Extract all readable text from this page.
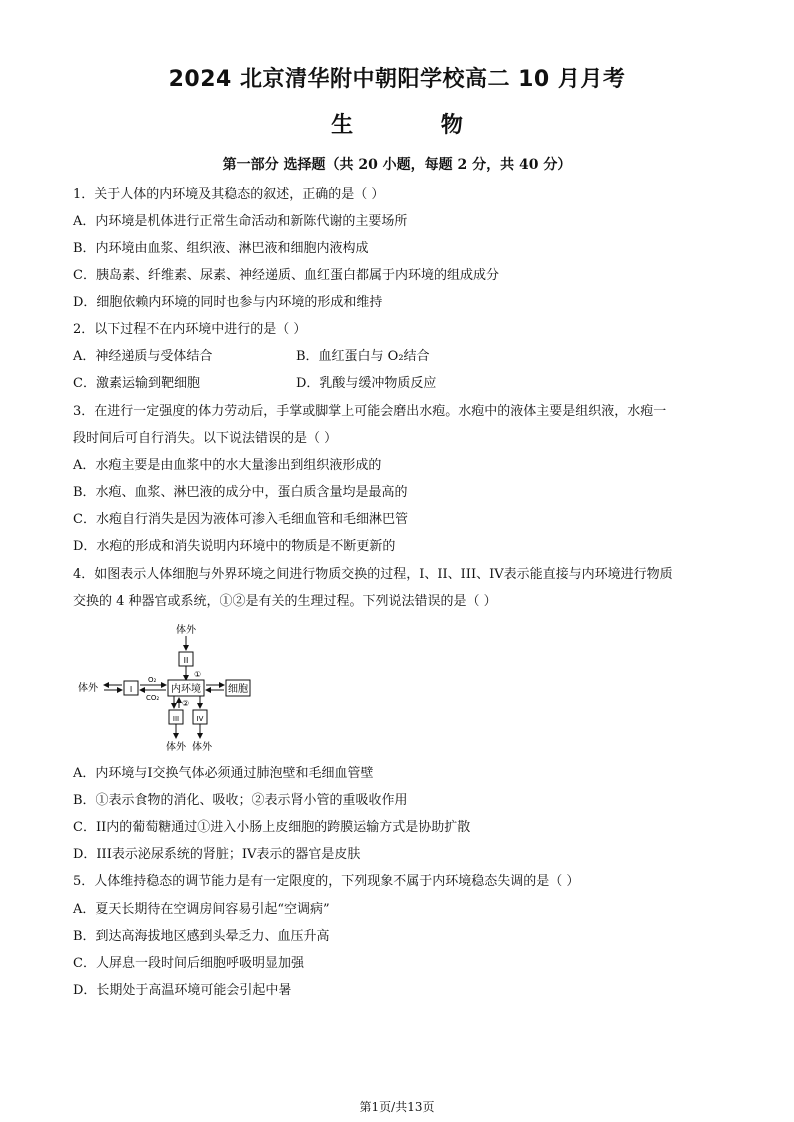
2024 北京清华附中朝阳学校高二 10 月月考
生 物
第一部分 选择题（共 20 小题，每题 2 分，共 40 分）
1．关于人体的内环境及其稳态的叙述，正确的是（ ）
A．内环境是机体进行正常生命活动和新陈代谢的主要场所
B．内环境由血浆、组织液、淋巴液和细胞内液构成
C．胰岛素、纤维素、尿素、神经递质、血红蛋白都属于内环境的组成成分
D．细胞依赖内环境的同时也参与内环境的形成和维持
2．以下过程不在内环境中进行的是（ ）
A．神经递质与受体结合	B．血红蛋白与 O₂结合
C．激素运输到靶细胞	D．乳酸与缓冲物质反应
3．在进行一定强度的体力劳动后，手掌或脚掌上可能会磨出水疱。水疱中的液体主要是组织液，水疱一
段时间后可自行消失。以下说法错误的是（ ）
A．水疱主要是由血浆中的水大量渗出到组织液形成的
B．水疱、血浆、淋巴液的成分中，蛋白质含量均是最高的
C．水疱自行消失是因为液体可渗入毛细血管和毛细淋巴管
D．水疱的形成和消失说明内环境中的物质是不断更新的
4．如图表示人体细胞与外界环境之间进行物质交换的过程，I、II、III、IV表示能直接与内环境进行物质
交换的 4 种器官或系统，①②是有关的生理过程。下列说法错误的是（ ）
体外
II
①
体外	I
O₂
CO₂
内环境	细胞
②
III
体外
IV
体外
A．内环境与I交换气体必须通过肺泡壁和毛细血管壁
B．①表示食物的消化、吸收；②表示肾小管的重吸收作用
C．II内的葡萄糖通过①进入小肠上皮细胞的跨膜运输方式是协助扩散
D．III表示泌尿系统的肾脏；IV表示的器官是皮肤
5．人体维持稳态的调节能力是有一定限度的，下列现象不属于内环境稳态失调的是（ ）
A．夏天长期待在空调房间容易引起“空调病”
B．到达高海拔地区感到头晕乏力、血压升高
C．人屏息一段时间后细胞呼吸明显加强
D．长期处于高温环境可能会引起中暑
第1页/共13页
